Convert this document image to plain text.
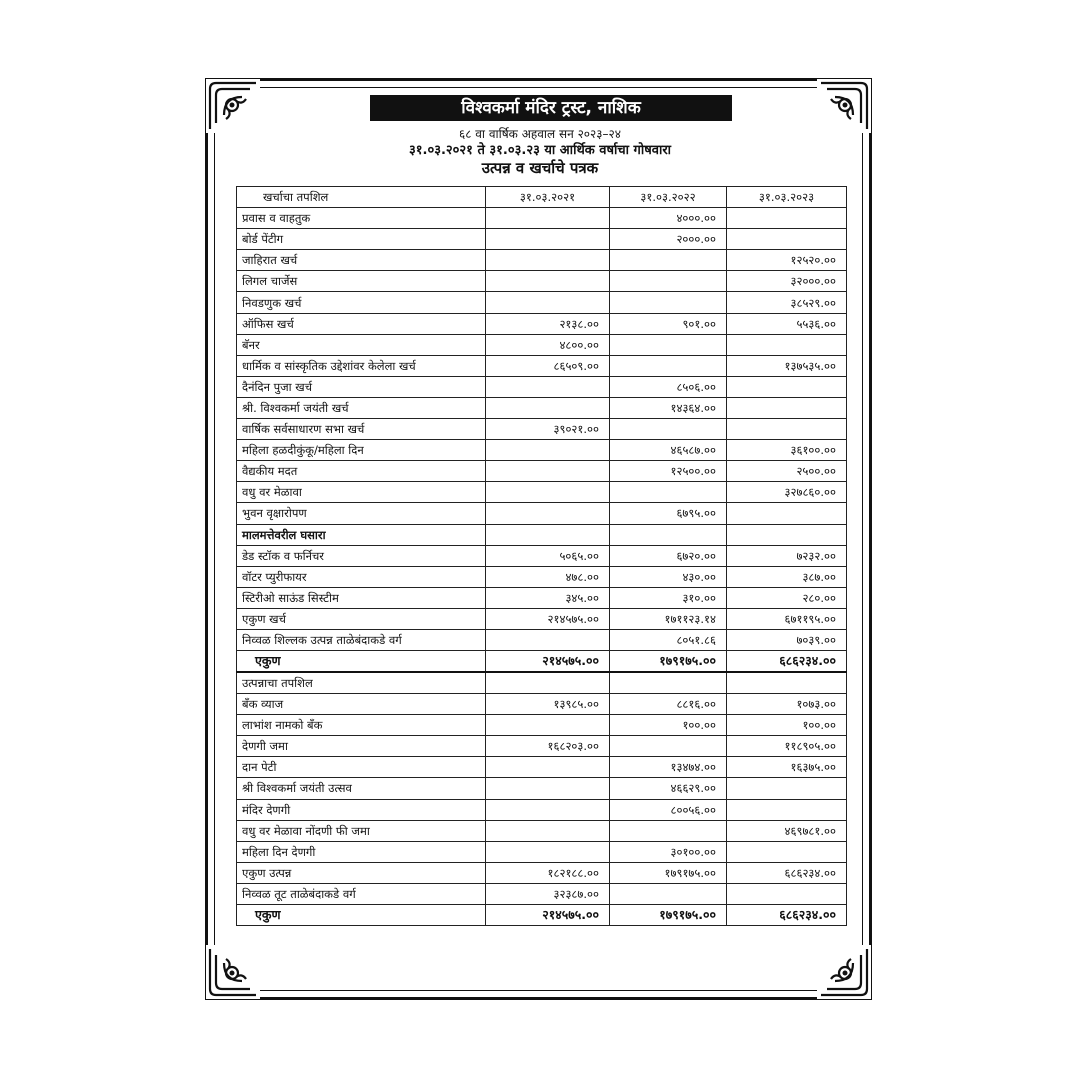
विश्वकर्मा मंदिर ट्रस्ट, नाशिक
६८ वा वार्षिक अहवाल सन २०२३–२४
३१.०३.२०२१ ते ३१.०३.२३ या आर्थिक वर्षाचा गोषवारा
उत्पन्न व खर्चाचे पत्रक
खर्चाचा तपशिल	३१.०३.२०२१	३१.०३.२०२२	३१.०३.२०२३
प्रवास व वाहतुक		४०००.००	
बोर्ड पेंटीग		२०००.००	
जाहिरात खर्च			१२५२०.००
लिगल चार्जेस			३२०००.००
निवडणुक खर्च			३८५२९.००
ऑफिस खर्च	२१३८.००	९०१.००	५५३६.००
बॅनर	४८००.००		
धार्मिक व सांस्कृतिक उद्देशांवर केलेला खर्च	८६५०९.००		१३७५३५.००
दैनंदिन पुजा खर्च		८५०६.००	
श्री. विश्वकर्मा जयंती खर्च		१४३६४.००	
वार्षिक सर्वसाधारण सभा खर्च	३९०२१.००		
महिला हळदीकुंकू/महिला दिन		४६५८७.००	३६१००.००
वैद्यकीय मदत		१२५००.००	२५००.००
वधु वर मेळावा			३२७८६०.००
भुवन वृक्षारोपण		६७९५.००	
मालमत्तेवरील घसारा			
डेड स्टॉक व फर्निचर	५०६५.००	६७२०.००	७२३२.००
वॉटर प्युरीफायर	४७८.००	४३०.००	३८७.००
स्टिरीओ साऊंड सिस्टीम	३४५.००	३१०.००	२८०.००
एकुण खर्च	२१४५७५.००	१७११२३.१४	६७११९५.००
निव्वळ शिल्लक उत्पन्न ताळेबंदाकडे वर्ग		८०५१.८६	७०३९.००
एकुण	२१४५७५.००	१७९१७५.००	६८६२३४.००
उत्पन्नाचा तपशिल			
बँक व्याज	१३९८५.००	८८१६.००	१०७३.००
लाभांश नामको बँक		१००.००	१००.००
देणगी जमा	१६८२०३.००		११८९०५.००
दान पेटी		१३४७४.००	१६३७५.००
श्री विश्वकर्मा जयंती उत्सव		४६६२९.००	
मंदिर देणगी		८००५६.००	
वधु वर मेळावा नोंदणी फी जमा			४६९७८१.००
महिला दिन देणगी		३०१००.००	
एकुण उत्पन्न	१८२१८८.००	१७९१७५.००	६८६२३४.००
निव्वळ तूट ताळेबंदाकडे वर्ग	३२३८७.००		
एकुण	२१४५७५.००	१७९१७५.००	६८६२३४.००
